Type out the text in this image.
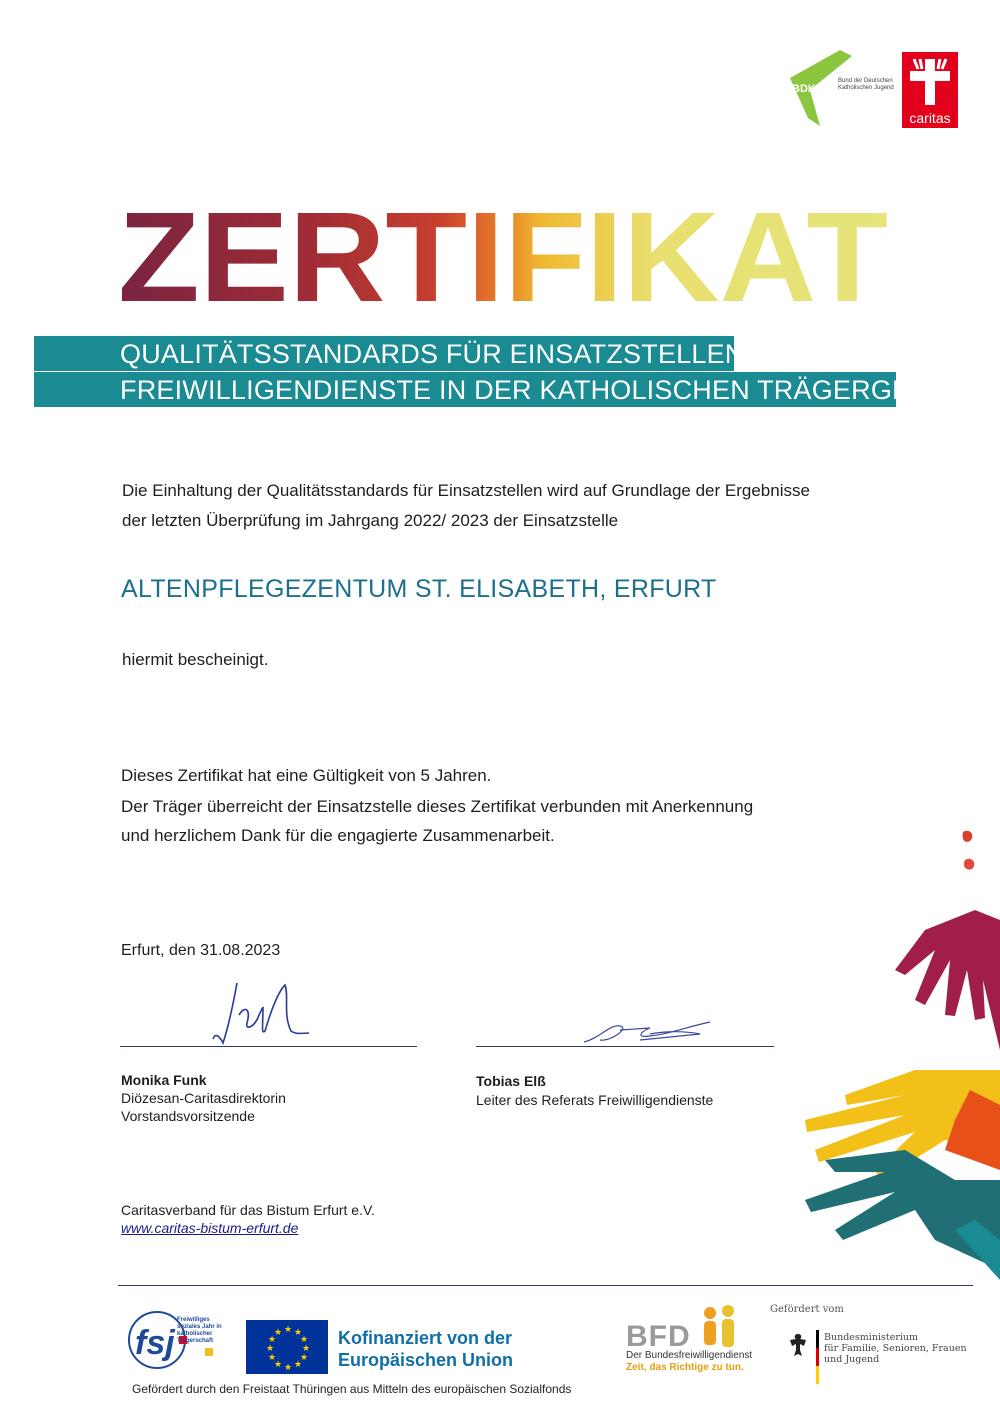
BDKJ
Bund der Deutschen Katholischen Jugend
caritas
ZERTIFIKAT
QUALITÄTSSTANDARDS FÜR EINSATZSTELLEN DER
FREIWILLIGENDIENSTE IN DER KATHOLISCHEN TRÄGERGRUPPE
Die Einhaltung der Qualitätsstandards für Einsatzstellen wird auf Grundlage der Ergebnisse
der letzten Überprüfung im Jahrgang 2022/ 2023 der Einsatzstelle
ALTENPFLEGEZENTUM ST. ELISABETH, ERFURT
hiermit bescheinigt.
Dieses Zertifikat hat eine Gültigkeit von 5 Jahren.
Der Träger überreicht der Einsatzstelle dieses Zertifikat verbunden mit Anerkennung
und herzlichem Dank für die engagierte Zusammenarbeit.
Erfurt, den 31.08.2023
Monika Funk
Diözesan-Caritasdirektorin
Vorstandsvorsitzende
Tobias Elß
Leiter des Referats Freiwilligendienste
Caritasverband für das Bistum Erfurt e.V.
www.caritas-bistum-erfurt.de
fsj
Freiwilliges soziales Jahr in katholischer Trägerschaft
★ ★
★
★
★
★
★
★
★
★
★
★	Kofinanziert von der
Europäischen Union
Gefördert durch den Freistaat Thüringen aus Mitteln des europäischen Sozialfonds
BFD
Der Bundesfreiwilligendienst
Zeit, das Richtige zu tun.
Gefördert vom
Bundesministerium
für Familie, Senioren, Frauen
und Jugend
